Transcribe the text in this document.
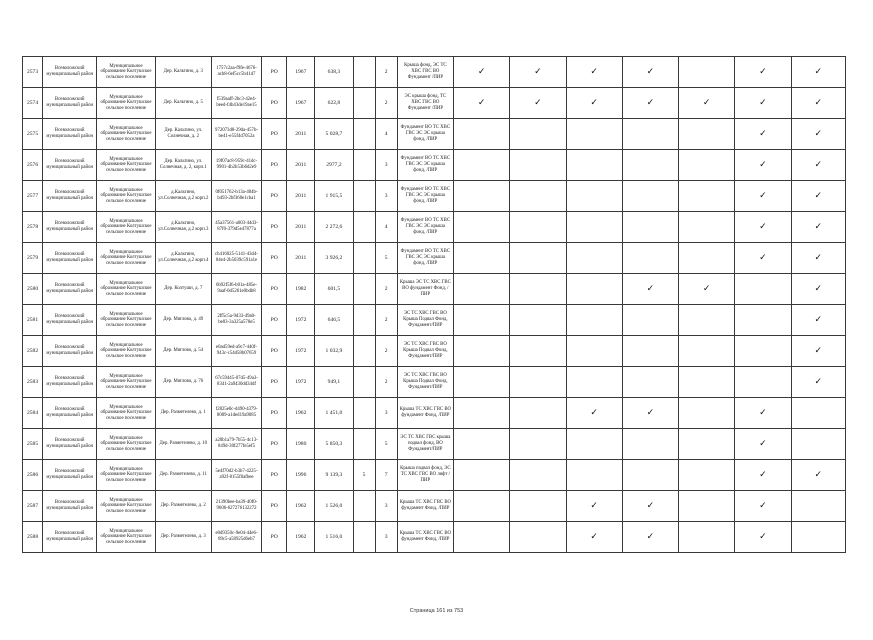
2573	Всеволожский муниципальный район	Муниципальное образование Колтушское сельское поселение	Дер. Кальтино, д. 3	1757c2aa-f9fe-4676-acb8-6ef5cc5b41d7	РО	1967	638,3		2	Крыша фонд, ЭС ТС ХВС ГВС ВО Фундамент /ПИР	✓	✓	✓	✓		✓	✓
2574	Всеволожский муниципальный район	Муниципальное образование Колтушское сельское поселение	Дер. Кальтино, д. 5	f539aaff-2bc3-42e4-beed-f4b43de19ae15	РО	1967	622,8		2	ЭС крыша фонд, ТС ХВС ГВС ВО Фундамент /ПИР	✓	✓	✓	✓	✓	✓	✓
2575	Всеволожский муниципальный район	Муниципальное образование Колтушское сельское поселение	Дер. Кальтино, ул. Солнечная, д. 2	972073d8-29da-457b-be41-e55f4d7052a	РО	2011	5 028,7		4	Фундамент ВО ТС ХВС ГВС ЭС ЭС крыша фонд, /ПИР						✓	✓
2576	Всеволожский муниципальный район	Муниципальное образование Колтушское сельское поселение	Дер. Кальтино, ул. Солнечная, д. 2, корп.1	19f07ac8-959c-41dc-9901-4b2b53b6d2e9	РО	2011	2977,2		3	Фундамент ВО ТС ХВС ГВС ЭС ЭС крыша фонд, /ПИР						✓	✓
2577	Всеволожский муниципальный район	Муниципальное образование Колтушское сельское поселение	д.Кальтино, ул.Солнечная, д.2 корп.2	0f051762-b13a-404b-b493-2bf360e1cba1	РО	2011	1 915,5		3	Фундамент ВО ТС ХВС ГВС ЭС ЭС крыша фонд, /ПИР						✓	✓
2578	Всеволожский муниципальный район	Муниципальное образование Колтушское сельское поселение	д.Кальтино, ул.Солнечная, д.2 корп.3	45a37561-a003-44d3-87f0-379d5e47877a	РО	2011	2 272,6		4	Фундамент ВО ТС ХВС ГВС ЭС ЭС крыша фонд, /ПИР						✓	✓
2579	Всеволожский муниципальный район	Муниципальное образование Колтушское сельское поселение	д.Кальтино, ул.Солнечная, д.2 корп.4	cb416025-5141-43d4-84e4-2b5039c591a1e	РО	2011	3 926,2		5	Фундамент ВО ТС ХВС ГВС ЭС ЭС крыша фонд, /ПИР						✓	✓
2580	Всеволожский муниципальный район	Муниципальное образование Колтушское сельское поселение	Дер. Колтуши, д. 7	6b92f5f6-b01a-485e-9aaf-0d5261e0bdb8	РО	1982	601,5		2	Крыша ЭС ТС ХВС ГВС ВО фундамент Фонд, /ПИР				✓	✓		✓
2581	Всеволожский муниципальный район	Муниципальное образование Колтушское сельское поселение	Дер. Мяглово, д. 49	2ff5c5a-9d33-49a0-be03-3a325a578e5	РО	1972	646,5		2	ЭС ТС ХВС ГВС ВО Крыша Подвал Фонд, Фундамент/ПИР							✓
2582	Всеволожский муниципальный район	Муниципальное образование Колтушское сельское поселение	Дер. Мяглово, д. 54	e0ad59ed-a9c7-440f-943c-c54d58b07659	РО	1972	1 032,9		2	ЭС ТС ХВС ГВС ВО Крыша Подвал Фонд, Фундамент/ПИР							✓
2583	Всеволожский муниципальный район	Муниципальное образование Колтушское сельское поселение	Дер. Мяглово, д. 76	67c59445-07d5-49a3-8341-2a9430dd34df	РО	1972	949,1		2	ЭС ТС ХВС ГВС ВО Крыша Подвал Фонд, Фундамент/ПИР							✓
2584	Всеволожский муниципальный район	Муниципальное образование Колтушское сельское поселение	Дер. Разметелево, д. 1	f2825e0c-d490-4379-8009-a1ded19a9085	РО	1962	1 451,0		3	Крыша ТС ХВС ГВС ВО фундамент Фонд, /ПИР			✓	✓		✓	
2585	Всеволожский муниципальный район	Муниципальное образование Колтушское сельское поселение	Дер. Разметелево, д. 10	a20b1a79-7b55-4c13-849d-30f277fe5ef5	РО	1980	5 850,3		5	ЭС ТС ХВС ГВС крыша подвал фонд, ВО Фундамент/ПИР						✓	
2586	Всеволожский муниципальный район	Муниципальное образование Колтушское сельское поселение	Дер. Разметелево, д. 11	5e4f70d2-b3b7-4225-a92f-8155f0afbee	РО	1996	9 139,3	5	7	Крыша подвал фонд, ЭС ТС ХВС ГВС ВО лифт /ПИР						✓	✓
2587	Всеволожский муниципальный район	Муниципальное образование Колтушское сельское поселение	Дер. Разметелево, д. 2	21390bee-ba39-40f0-9606-627276132272	РО	1962	1 526,0		3	Крыша ТС ХВС ГВС ВО фундамент Фонд, /ПИР			✓	✓		✓	
2588	Всеволожский муниципальный район	Муниципальное образование Колтушское сельское поселение	Дер. Разметелево, д. 3	e0d9350c-9e04-44e6-89c5-a58925d6eb7	РО	1962	1 516,0		3	Крыша ТС ХВС ГВС ВО фундамент Фонд, /ПИР			✓	✓		✓	
Страница 161 из 753
